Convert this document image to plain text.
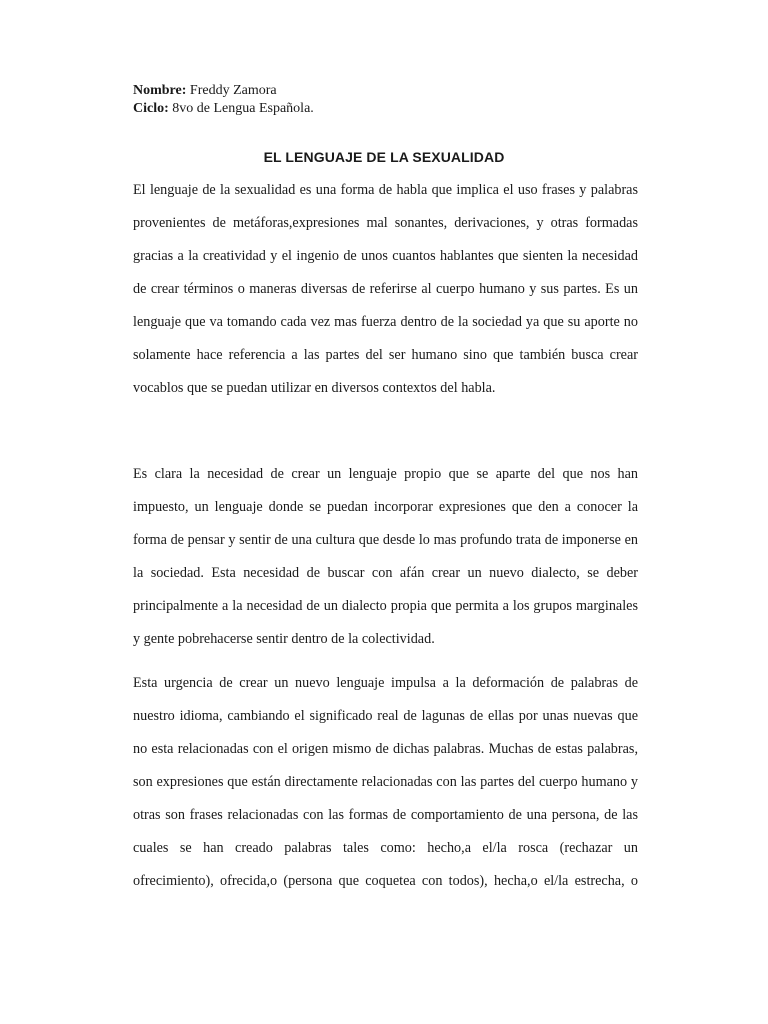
Nombre: Freddy Zamora
Ciclo: 8vo de Lengua Española.
EL LENGUAJE DE LA SEXUALIDAD
El lenguaje de la sexualidad es una forma de habla que implica el uso frases y palabras
provenientes de metáforas,expresiones mal sonantes, derivaciones, y otras formadas
gracias a la creatividad y el ingenio de unos cuantos hablantes que sienten la necesidad
de crear términos o maneras diversas de referirse al cuerpo humano y sus partes. Es un
lenguaje que va tomando cada vez mas fuerza dentro de la sociedad ya que su aporte no
solamente hace referencia a las partes del ser humano sino que también busca crear
vocablos que se puedan utilizar en diversos contextos del habla.
Es clara la necesidad de crear un lenguaje propio que se aparte del que nos han
impuesto, un lenguaje donde se puedan incorporar expresiones que den a conocer la
forma de pensar y sentir de una cultura que desde lo mas profundo trata de imponerse en
la sociedad. Esta necesidad de buscar con afán crear un nuevo dialecto, se deber
principalmente a la necesidad de un dialecto propia que permita a los grupos marginales
y gente pobrehacerse sentir dentro de la colectividad.
Esta urgencia de crear un nuevo lenguaje impulsa a la deformación de palabras de
nuestro idioma, cambiando el significado real de lagunas de ellas por unas nuevas que
no esta relacionadas con el origen mismo de dichas palabras. Muchas de estas palabras,
son expresiones que están directamente relacionadas con las partes del cuerpo humano y
otras son frases relacionadas con las formas de comportamiento de una persona, de las
cuales se han creado palabras tales como: hecho,a el/la rosca (rechazar un
ofrecimiento), ofrecida,o (persona que coquetea con todos), hecha,o el/la estrecha, o
